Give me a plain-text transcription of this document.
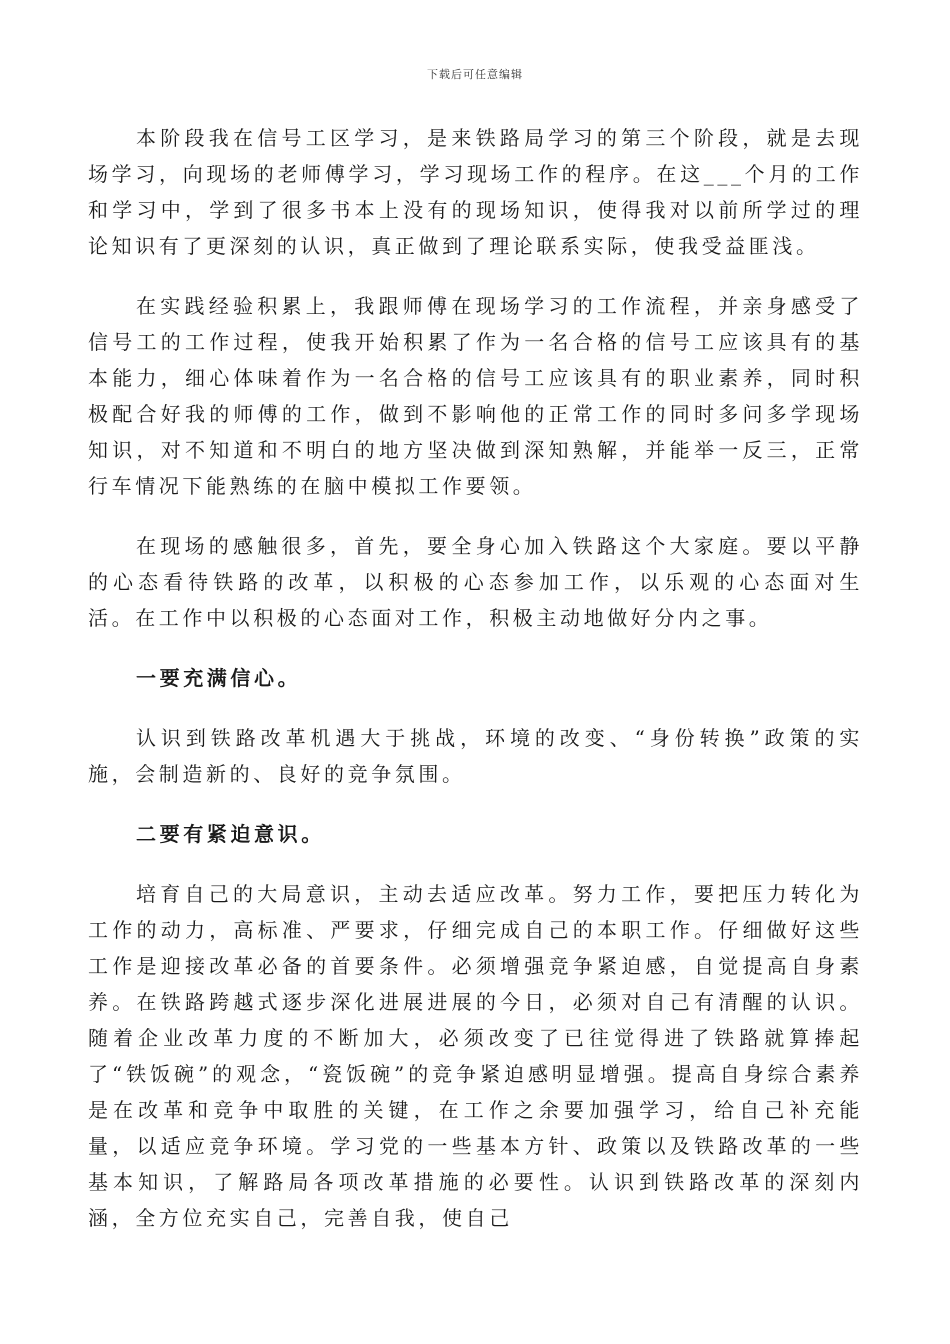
下载后可任意编辑

本阶段我在信号工区学习，是来铁路局学习的第三个阶段，就是去现场学习，向现场的老师傅学习，学习现场工作的程序。在这___个月的工作和学习中，学到了很多书本上没有的现场知识，使得我对以前所学过的理论知识有了更深刻的认识，真正做到了理论联系实际，使我受益匪浅。

在实践经验积累上，我跟师傅在现场学习的工作流程，并亲身感受了信号工的工作过程，使我开始积累了作为一名合格的信号工应该具有的基本能力，细心体味着作为一名合格的信号工应该具有的职业素养，同时积极配合好我的师傅的工作，做到不影响他的正常工作的同时多问多学现场知识，对不知道和不明白的地方坚决做到深知熟解，并能举一反三，正常行车情况下能熟练的在脑中模拟工作要领。

在现场的感触很多，首先，要全身心加入铁路这个大家庭。要以平静的心态看待铁路的改革，以积极的心态参加工作，以乐观的心态面对生活。在工作中以积极的心态面对工作，积极主动地做好分内之事。

一要充满信心。

认识到铁路改革机遇大于挑战，环境的改变、“身份转换”政策的实施，会制造新的、良好的竞争氛围。

二要有紧迫意识。

培育自己的大局意识，主动去适应改革。努力工作，要把压力转化为工作的动力，高标准、严要求，仔细完成自己的本职工作。仔细做好这些工作是迎接改革必备的首要条件。必须增强竞争紧迫感，自觉提高自身素养。在铁路跨越式逐步深化进展进展的今日，必须对自己有清醒的认识。随着企业改革力度的不断加大，必须改变了已往觉得进了铁路就算捧起了“铁饭碗”的观念，“瓷饭碗”的竞争紧迫感明显增强。提高自身综合素养是在改革和竞争中取胜的关键，在工作之余要加强学习，给自己补充能量，以适应竞争环境。学习党的一些基本方针、政策以及铁路改革的一些基本知识，了解路局各项改革措施的必要性。认识到铁路改革的深刻内涵，全方位充实自己，完善自我，使自己
